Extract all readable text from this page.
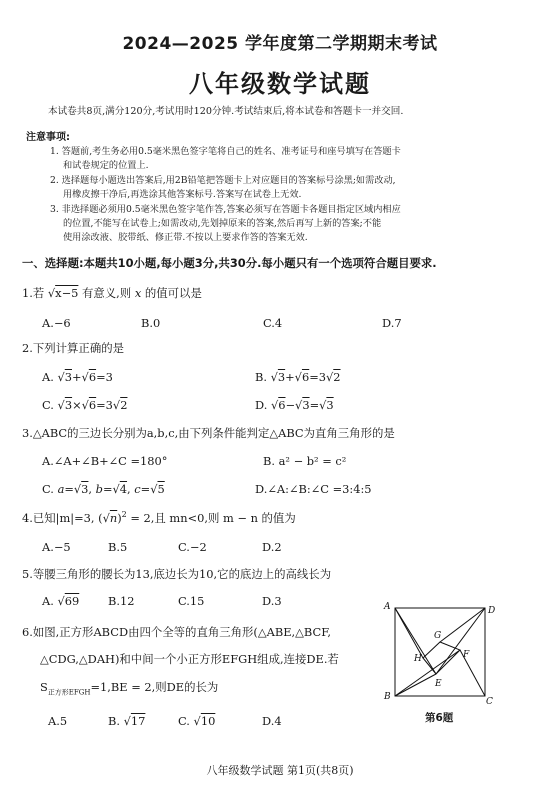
2024—2025 学年度第二学期期末考试
八年级数学试题
本试卷共8页,满分120分,考试用时120分钟.考试结束后,将本试卷和答题卡一并交回.
注意事项:
1. 答题前,考生务必用0.5毫米黑色签字笔将自己的姓名、准考证号和座号填写在答题卡
和试卷规定的位置上.
2. 选择题每小题选出答案后,用2B铅笔把答题卡上对应题目的答案标号涂黑;如需改动,
用橡皮擦干净后,再选涂其他答案标号.答案写在试卷上无效.
3. 非选择题必须用0.5毫米黑色签字笔作答,答案必须写在答题卡各题目指定区域内相应
的位置,不能写在试卷上;如需改动,先划掉原来的答案,然后再写上新的答案;不能
使用涂改液、胶带纸、修正带.不按以上要求作答的答案无效.
一、选择题:本题共10小题,每小题3分,共30分.每小题只有一个选项符合题目要求.
1.若 √x−5 有意义,则 x 的值可以是
A.−6	B.0	C.4	D.7
2.下列计算正确的是
A. √3+√6=3	B. √3+√6=3√2
C. √3×√6=3√2	D. √6−√3=√3
3.△ABC的三边长分别为a,b,c,由下列条件能判定△ABC为直角三角形的是
A.∠A+∠B+∠C =180°	B. a² − b² = c²
C. a=√3, b=√4, c=√5	D.∠A:∠B:∠C =3:4:5
4.已知|m|=3, $(√n)^2 = 2$,且 mn<0,则 m − n 的值为
A.−5	B.5	C.−2	D.2
5.等腰三角形的腰长为13,底边长为10,它的底边上的高线长为
A. √69	B.12	C.15	D.3
6.如图,正方形ABCD由四个全等的直角三角形(△ABE,△BCF,
△CDG,△DAH)和中间一个小正方形EFGH组成,连接DE.若
$S_{正方形EFGH}=1,BE = 2$,则DE的长为
A.5	B. √17	C. √10	D.4
A	D
B	C
G
H	F
E
第6题
八年级数学试题 第1页(共8页)
